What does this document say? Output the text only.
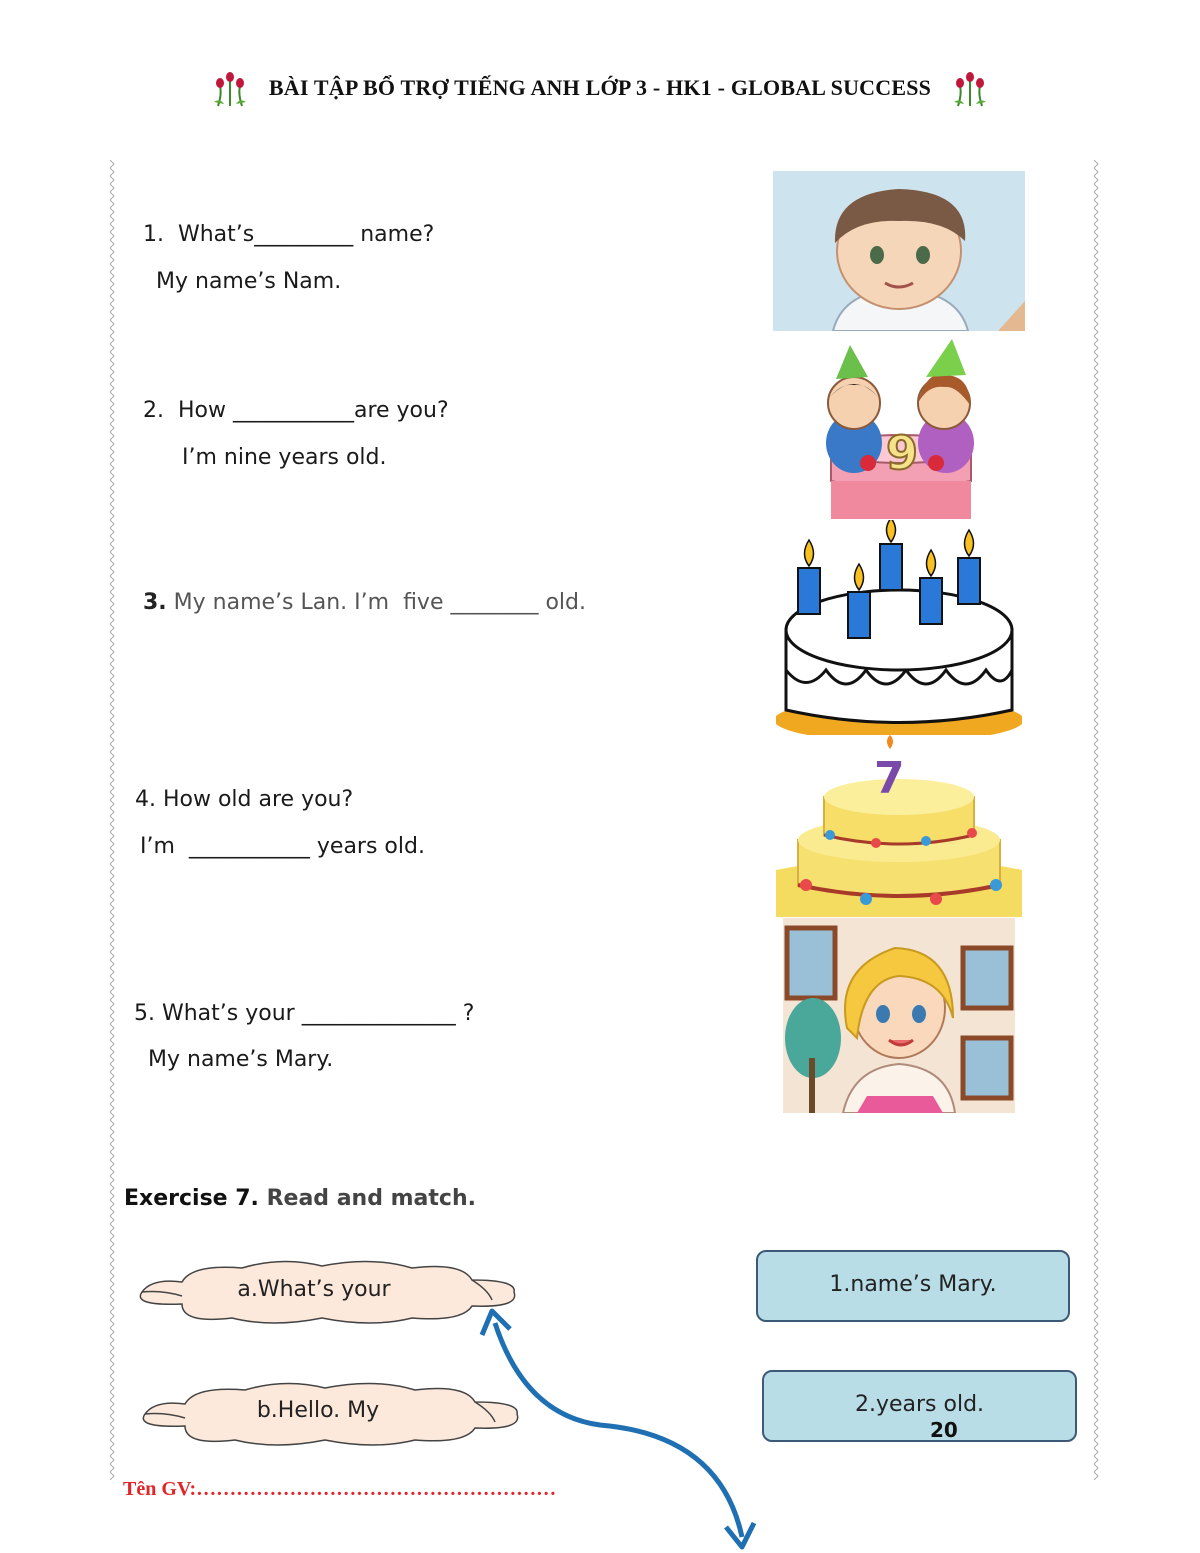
BÀI TẬP BỔ TRỢ TIẾNG ANH LỚP 3 - HK1 - GLOBAL SUCCESS
1.  What’s_________ name?
My name’s Nam.
2.  How ___________are you?
I’m nine years old.
3. My name’s Lan. I’m  five ________ old.
4. How old are you?
I’m  ___________ years old.
5. What’s your ______________ ?
My name’s Mary.
9
7
Exercise 7. Read and match.
a.What’s your
b.Hello. My
1.name’s Mary.
2.years old.
20
Tên GV:………………………………………………
